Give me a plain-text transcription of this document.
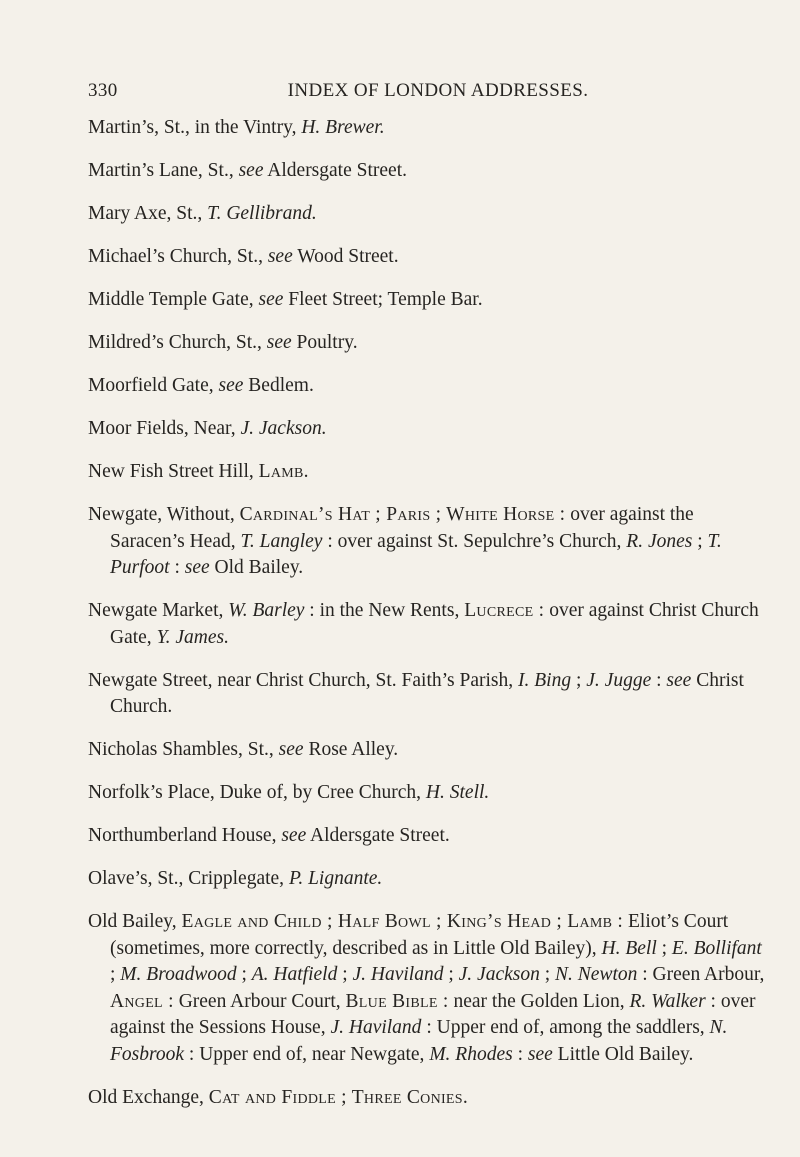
330	INDEX OF LONDON ADDRESSES.

Martin’s, St., in the Vintry, H. Brewer.

Martin’s Lane, St., see Aldersgate Street.

Mary Axe, St., T. Gellibrand.

Michael’s Church, St., see Wood Street.

Middle Temple Gate, see Fleet Street; Temple Bar.

Mildred’s Church, St., see Poultry.

Moorfield Gate, see Bedlem.

Moor Fields, Near, J. Jackson.

New Fish Street Hill, Lamb.

Newgate, Without, Cardinal’s Hat ; Paris ; White Horse : over against the Saracen’s Head, T. Langley : over against St. Sepulchre’s Church, R. Jones ; T. Purfoot : see Old Bailey.

Newgate Market, W. Barley : in the New Rents, Lucrece : over against Christ Church Gate, Y. James.

Newgate Street, near Christ Church, St. Faith’s Parish, I. Bing ; J. Jugge : see Christ Church.

Nicholas Shambles, St., see Rose Alley.

Norfolk’s Place, Duke of, by Cree Church, H. Stell.

Northumberland House, see Aldersgate Street.

Olave’s, St., Cripplegate, P. Lignante.

Old Bailey, Eagle and Child ; Half Bowl ; King’s Head ; Lamb : Eliot’s Court (sometimes, more correctly, described as in Little Old Bailey), H. Bell ; E. Bollifant ; M. Broadwood ; A. Hatfield ; J. Haviland ; J. Jackson ; N. Newton : Green Arbour, Angel : Green Arbour Court, Blue Bible : near the Golden Lion, R. Walker : over against the Sessions House, J. Haviland : Upper end of, among the saddlers, N. Fosbrook : Upper end of, near Newgate, M. Rhodes : see Little Old Bailey.

Old Exchange, Cat and Fiddle ; Three Conies.
